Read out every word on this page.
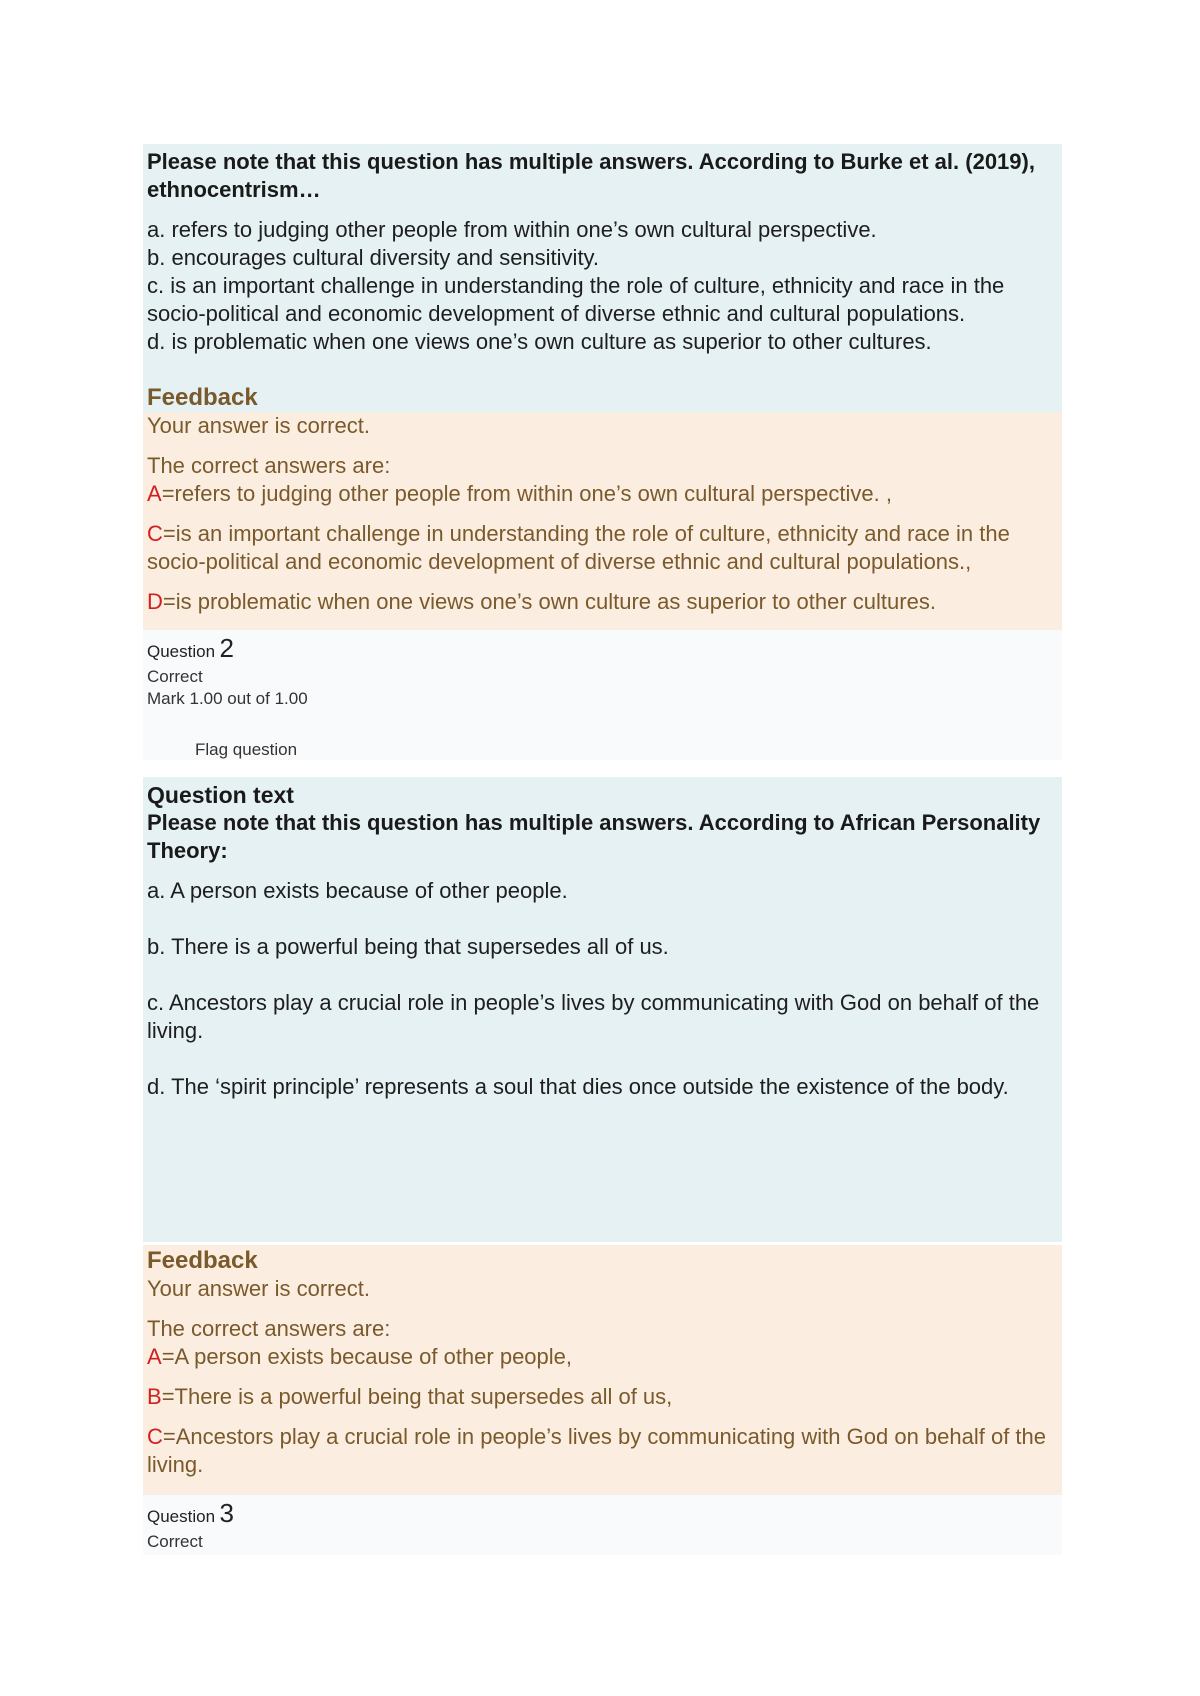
Please note that this question has multiple answers. According to Burke et al. (2019), ethnocentrism…
a. refers to judging other people from within one’s own cultural perspective.
b. encourages cultural diversity and sensitivity.
c. is an important challenge in understanding the role of culture, ethnicity and race in the socio-political and economic development of diverse ethnic and cultural populations.
d. is problematic when one views one’s own culture as superior to other cultures.
Feedback
Your answer is correct.
The correct answers are:
A=refers to judging other people from within one’s own cultural perspective. ,
C=is an important challenge in understanding the role of culture, ethnicity and race in the socio-political and economic development of diverse ethnic and cultural populations.,
D=is problematic when one views one’s own culture as superior to other cultures.
Question 2
Correct
Mark 1.00 out of 1.00
Flag question
Question text
Please note that this question has multiple answers. According to African Personality Theory:
a. A person exists because of other people.
b. There is a powerful being that supersedes all of us.
c. Ancestors play a crucial role in people’s lives by communicating with God on behalf of the living.
d. The ‘spirit principle’ represents a soul that dies once outside the existence of the body.
Feedback
Your answer is correct.
The correct answers are:
A=A person exists because of other people,
B=There is a powerful being that supersedes all of us,
C=Ancestors play a crucial role in people’s lives by communicating with God on behalf of the living.
Question 3
Correct
